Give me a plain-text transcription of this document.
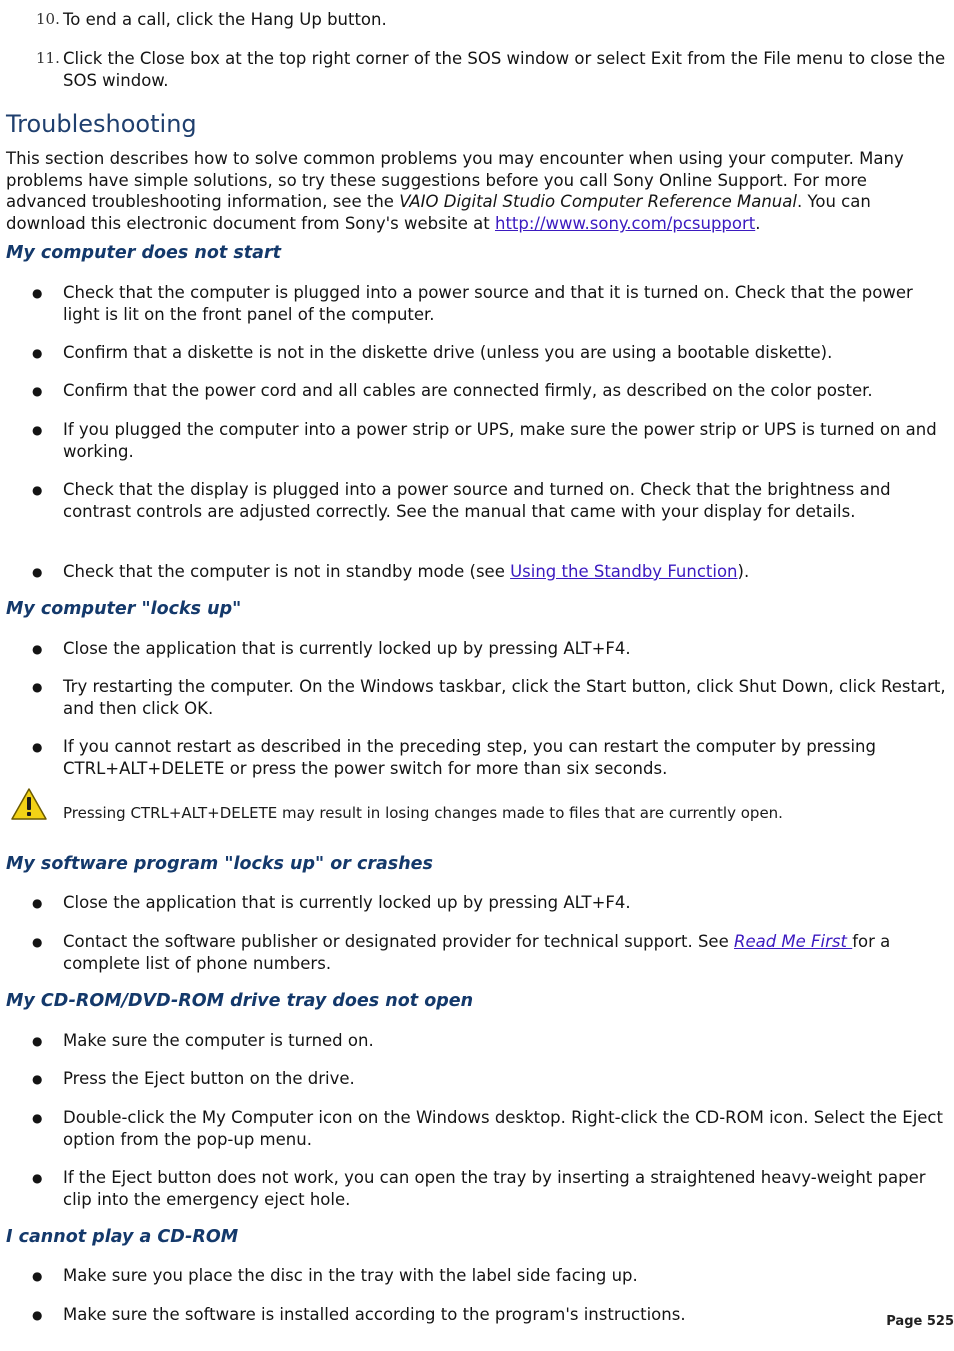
10. To end a call, click the Hang Up button.
11. Click the Close box at the top right corner of the SOS window or select Exit from the File menu to close the SOS window.
Troubleshooting
This section describes how to solve common problems you may encounter when using your computer. Many problems have simple solutions, so try these suggestions before you call Sony Online Support. For more advanced troubleshooting information, see the VAIO Digital Studio Computer Reference Manual. You can download this electronic document from Sony's website at http://www.sony.com/pcsupport.
My computer does not start
● Check that the computer is plugged into a power source and that it is turned on. Check that the power light is lit on the front panel of the computer.
● Confirm that a diskette is not in the diskette drive (unless you are using a bootable diskette).
● Confirm that the power cord and all cables are connected firmly, as described on the color poster.
● If you plugged the computer into a power strip or UPS, make sure the power strip or UPS is turned on and working.
● Check that the display is plugged into a power source and turned on. Check that the brightness and contrast controls are adjusted correctly. See the manual that came with your display for details.
● Check that the computer is not in standby mode (see Using the Standby Function).
My computer "locks up"
● Close the application that is currently locked up by pressing ALT+F4.
● Try restarting the computer. On the Windows taskbar, click the Start button, click Shut Down, click Restart, and then click OK.
● If you cannot restart as described in the preceding step, you can restart the computer by pressing CTRL+ALT+DELETE or press the power switch for more than six seconds.
Pressing CTRL+ALT+DELETE may result in losing changes made to files that are currently open.
My software program "locks up" or crashes
● Close the application that is currently locked up by pressing ALT+F4.
● Contact the software publisher or designated provider for technical support. See Read Me First for a complete list of phone numbers.
My CD-ROM/DVD-ROM drive tray does not open
● Make sure the computer is turned on.
● Press the Eject button on the drive.
● Double-click the My Computer icon on the Windows desktop. Right-click the CD-ROM icon. Select the Eject option from the pop-up menu.
● If the Eject button does not work, you can open the tray by inserting a straightened heavy-weight paper clip into the emergency eject hole.
I cannot play a CD-ROM
● Make sure you place the disc in the tray with the label side facing up.
● Make sure the software is installed according to the program's instructions.	Page 525
